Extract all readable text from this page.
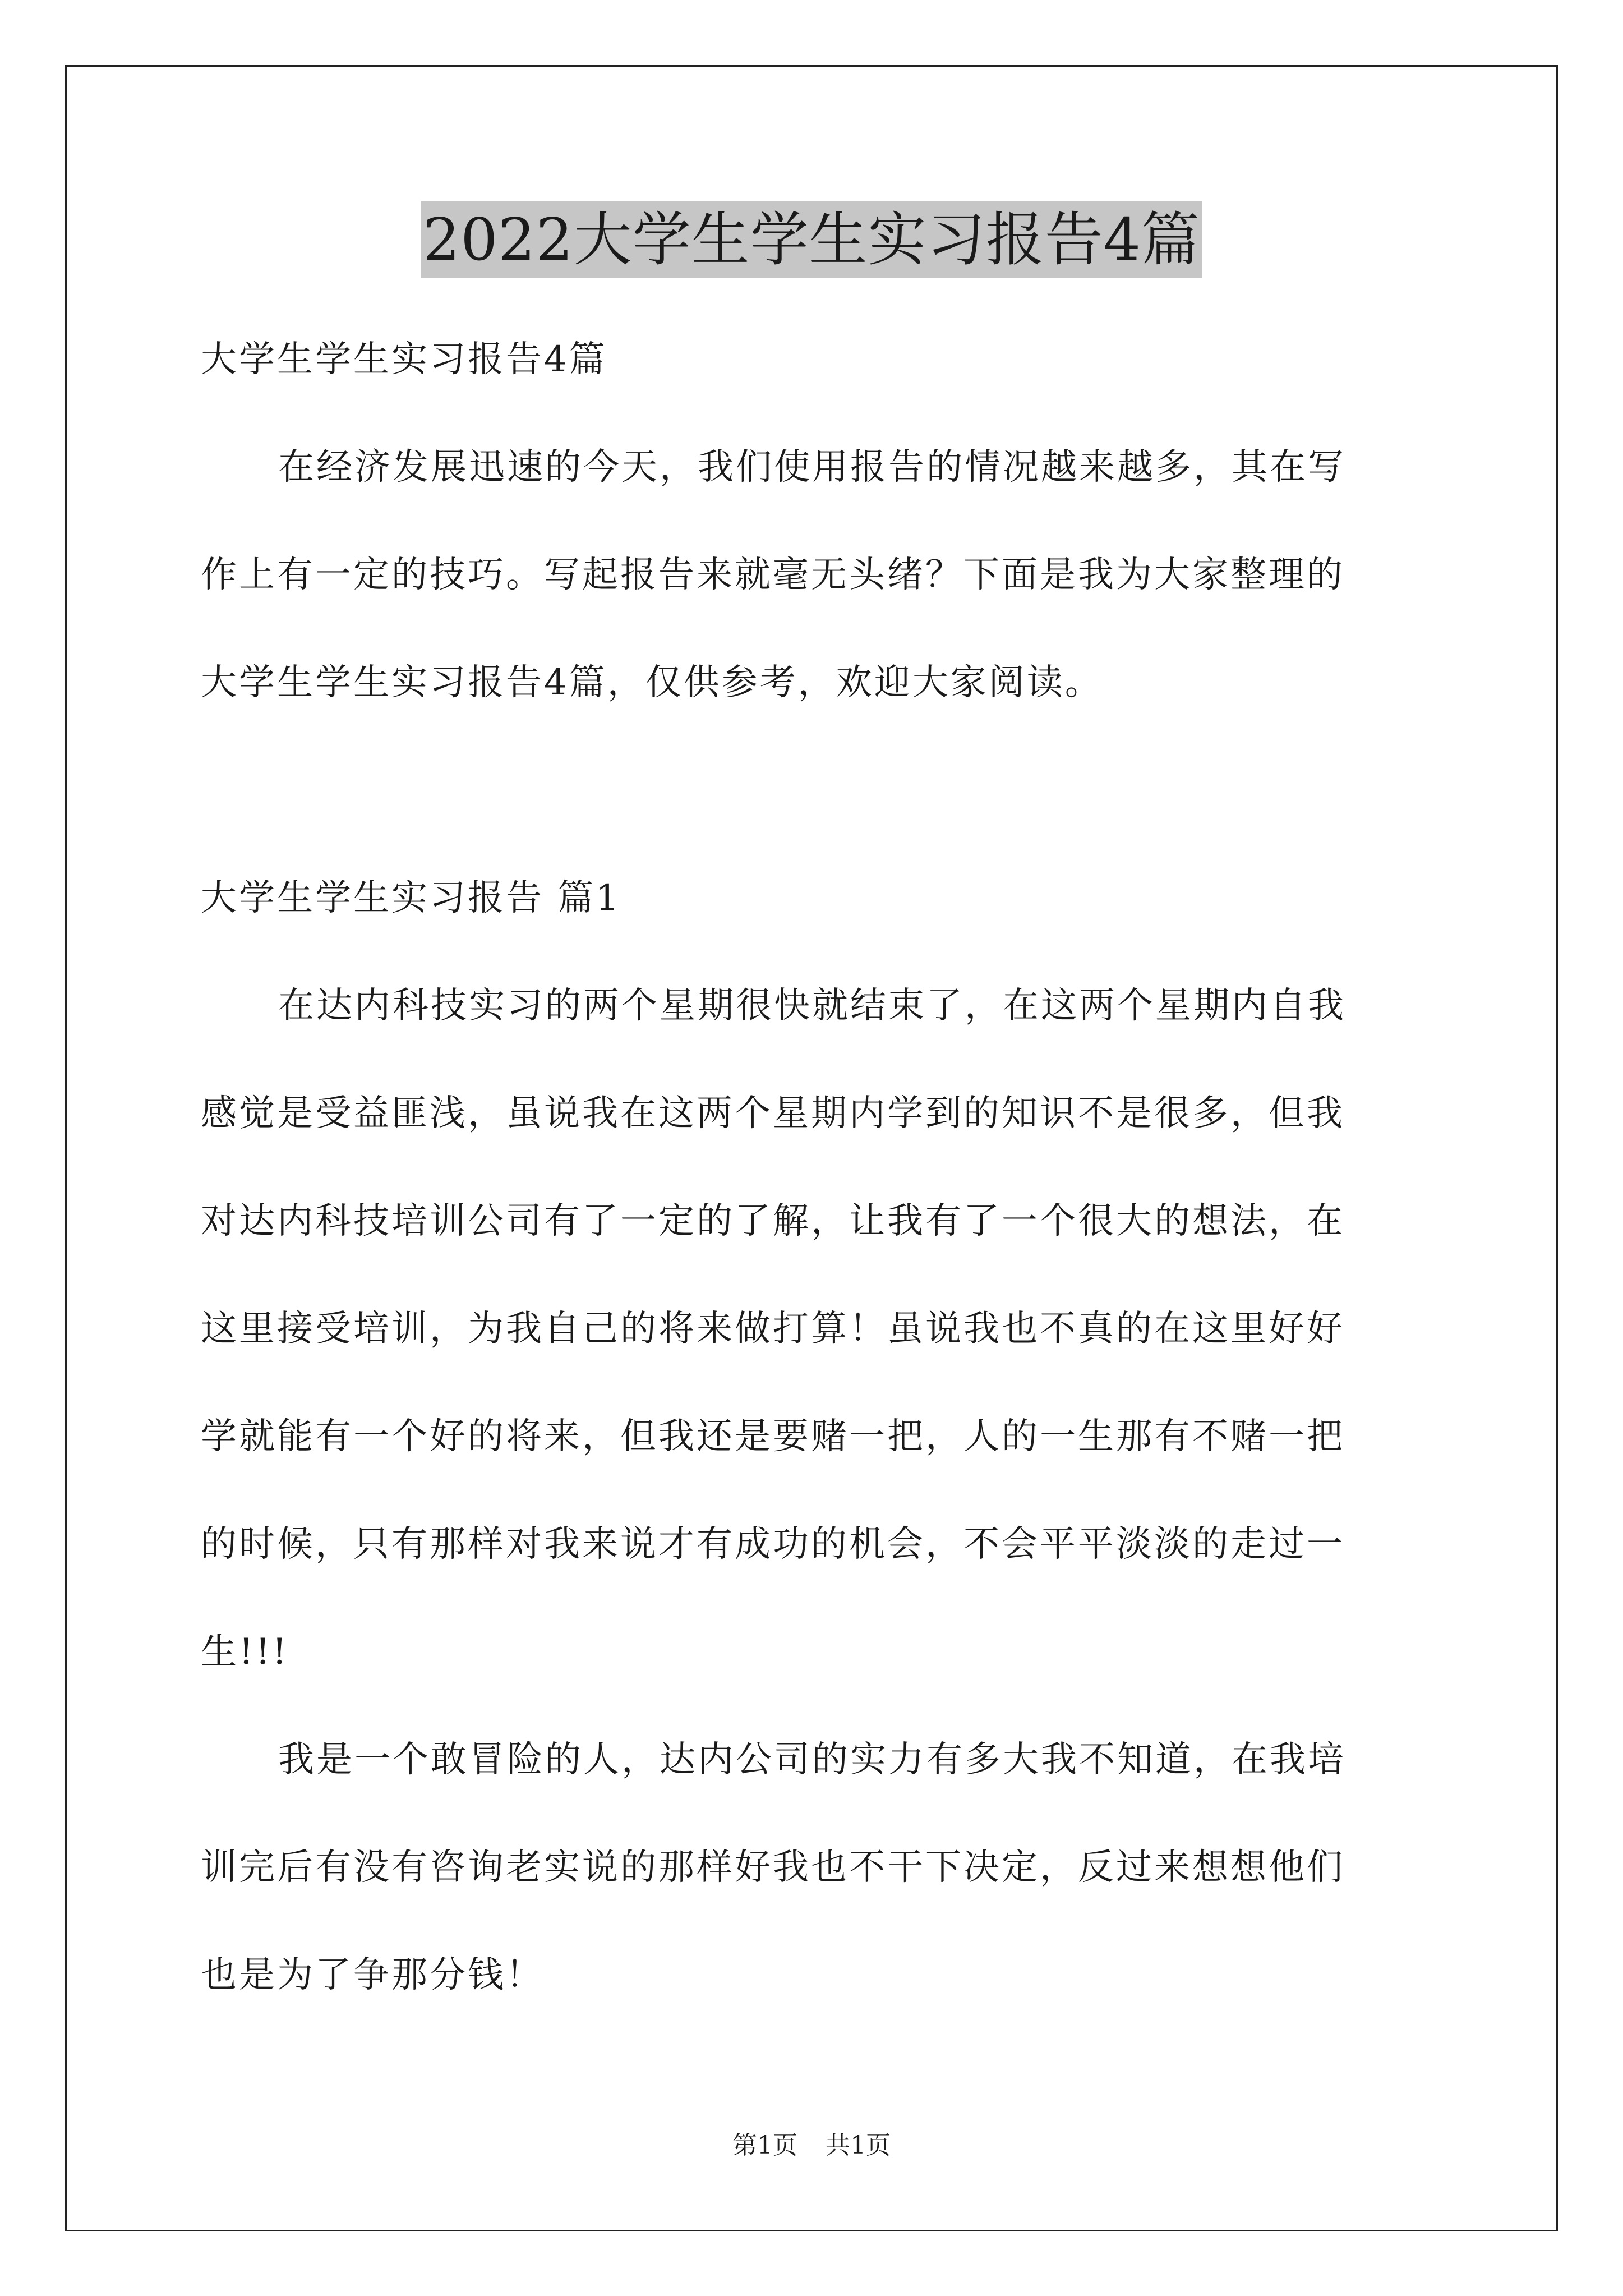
2022大学生学生实习报告4篇
大学生学生实习报告4篇
在经济发展迅速的今天，我们使用报告的情况越来越多，其在写
作上有一定的技巧。写起报告来就毫无头绪？下面是我为大家整理的
大学生学生实习报告4篇，仅供参考，欢迎大家阅读。
大学生学生实习报告 篇1
在达内科技实习的两个星期很快就结束了，在这两个星期内自我
感觉是受益匪浅，虽说我在这两个星期内学到的知识不是很多，但我
对达内科技培训公司有了一定的了解，让我有了一个很大的想法，在
这里接受培训，为我自己的将来做打算！虽说我也不真的在这里好好
学就能有一个好的将来，但我还是要赌一把，人的一生那有不赌一把
的时候，只有那样对我来说才有成功的机会，不会平平淡淡的走过一
生!!!
我是一个敢冒险的人，达内公司的实力有多大我不知道，在我培
训完后有没有咨询老实说的那样好我也不干下决定，反过来想想他们
也是为了争那分钱！
第1页 共1页
